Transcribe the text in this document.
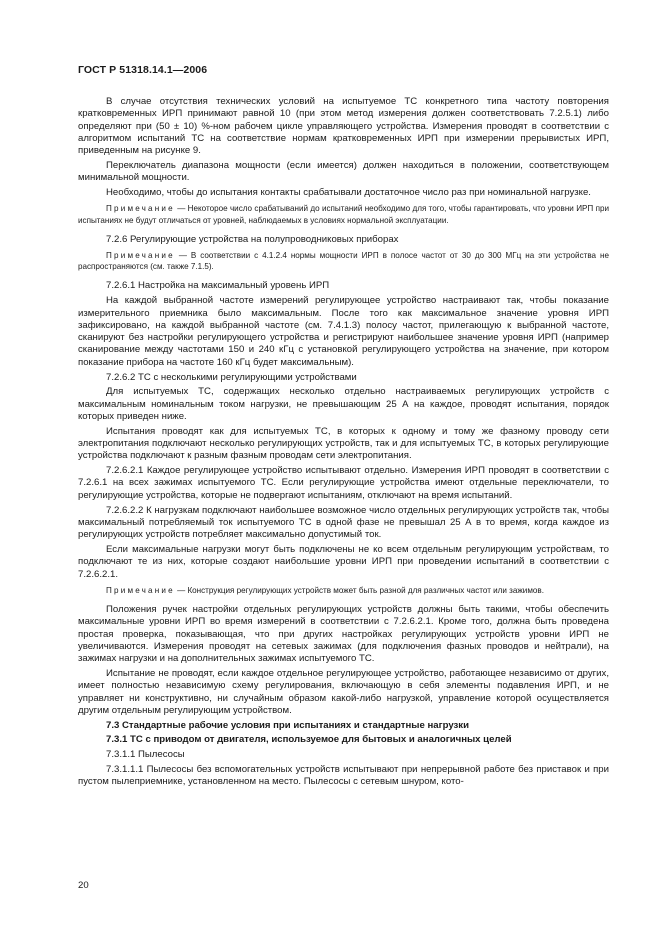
ГОСТ Р 51318.14.1—2006

В случае отсутствия технических условий на испытуемое ТС конкретного типа частоту повторения кратковременных ИРП принимают равной 10 (при этом метод измерения должен соответствовать 7.2.5.1) либо определяют при (50 ± 10) %-ном рабочем цикле управляющего устройства. Измерения проводят в соответствии с алгоритмом испытаний ТС на соответствие нормам кратковременных ИРП при измерении прерывистых ИРП, приведенным на рисунке 9.

Переключатель диапазона мощности (если имеется) должен находиться в положении, соответствующем минимальной мощности.

Необходимо, чтобы до испытания контакты срабатывали достаточное число раз при номинальной нагрузке.

Примечание — Некоторое число срабатываний до испытаний необходимо для того, чтобы гарантировать, что уровни ИРП при испытаниях не будут отличаться от уровней, наблюдаемых в условиях нормальной эксплуатации.

7.2.6 Регулирующие устройства на полупроводниковых приборах

Примечание — В соответствии с 4.1.2.4 нормы мощности ИРП в полосе частот от 30 до 300 МГц на эти устройства не распространяются (см. также 7.1.5).

7.2.6.1 Настройка на максимальный уровень ИРП

На каждой выбранной частоте измерений регулирующее устройство настраивают так, чтобы показание измерительного приемника было максимальным. После того как максимальное значение уровня ИРП зафиксировано, на каждой выбранной частоте (см. 7.4.1.3) полосу частот, прилегающую к выбранной частоте, сканируют без настройки регулирующего устройства и регистрируют наибольшее значение уровня ИРП (например сканирование между частотами 150 и 240 кГц с установкой регулирующего устройства на значение, при котором показание прибора на частоте 160 кГц будет максимальным).

7.2.6.2 ТС с несколькими регулирующими устройствами

Для испытуемых ТС, содержащих несколько отдельно настраиваемых регулирующих устройств с максимальным номинальным током нагрузки, не превышающим 25 А на каждое, проводят испытания, порядок которых приведен ниже.

Испытания проводят как для испытуемых ТС, в которых к одному и тому же фазному проводу сети электропитания подключают несколько регулирующих устройств, так и для испытуемых ТС, в которых регулирующие устройства подключают к разным фазным проводам сети электропитания.

7.2.6.2.1 Каждое регулирующее устройство испытывают отдельно. Измерения ИРП проводят в соответствии с 7.2.6.1 на всех зажимах испытуемого ТС. Если регулирующие устройства имеют отдельные переключатели, то регулирующие устройства, которые не подвергают испытаниям, отключают на время испытаний.

7.2.6.2.2 К нагрузкам подключают наибольшее возможное число отдельных регулирующих устройств так, чтобы максимальный потребляемый ток испытуемого ТС в одной фазе не превышал 25 А в то время, когда каждое из регулирующих устройств потребляет максимально допустимый ток.

Если максимальные нагрузки могут быть подключены не ко всем отдельным регулирующим устройствам, то подключают те из них, которые создают наибольшие уровни ИРП при проведении испытаний в соответствии с 7.2.6.2.1.

Примечание — Конструкция регулирующих устройств может быть разной для различных частот или зажимов.

Положения ручек настройки отдельных регулирующих устройств должны быть такими, чтобы обеспечить максимальные уровни ИРП во время измерений в соответствии с 7.2.6.2.1. Кроме того, должна быть проведена простая проверка, показывающая, что при других настройках регулирующих устройств уровни ИРП не увеличиваются. Измерения проводят на сетевых зажимах (для подключения фазных проводов и нейтрали), на зажимах нагрузки и на дополнительных зажимах испытуемого ТС.

Испытание не проводят, если каждое отдельное регулирующее устройство, работающее независимо от других, имеет полностью независимую схему регулирования, включающую в себя элементы подавления ИРП, и не управляет ни конструктивно, ни случайным образом какой-либо нагрузкой, управление которой осуществляется другим отдельным регулирующим устройством.

7.3 Стандартные рабочие условия при испытаниях и стандартные нагрузки

7.3.1 ТС с приводом от двигателя, используемое для бытовых и аналогичных целей

7.3.1.1 Пылесосы

7.3.1.1.1 Пылесосы без вспомогательных устройств испытывают при непрерывной работе без приставок и при пустом пылеприемнике, установленном на место. Пылесосы с сетевым шнуром, кото-

20
